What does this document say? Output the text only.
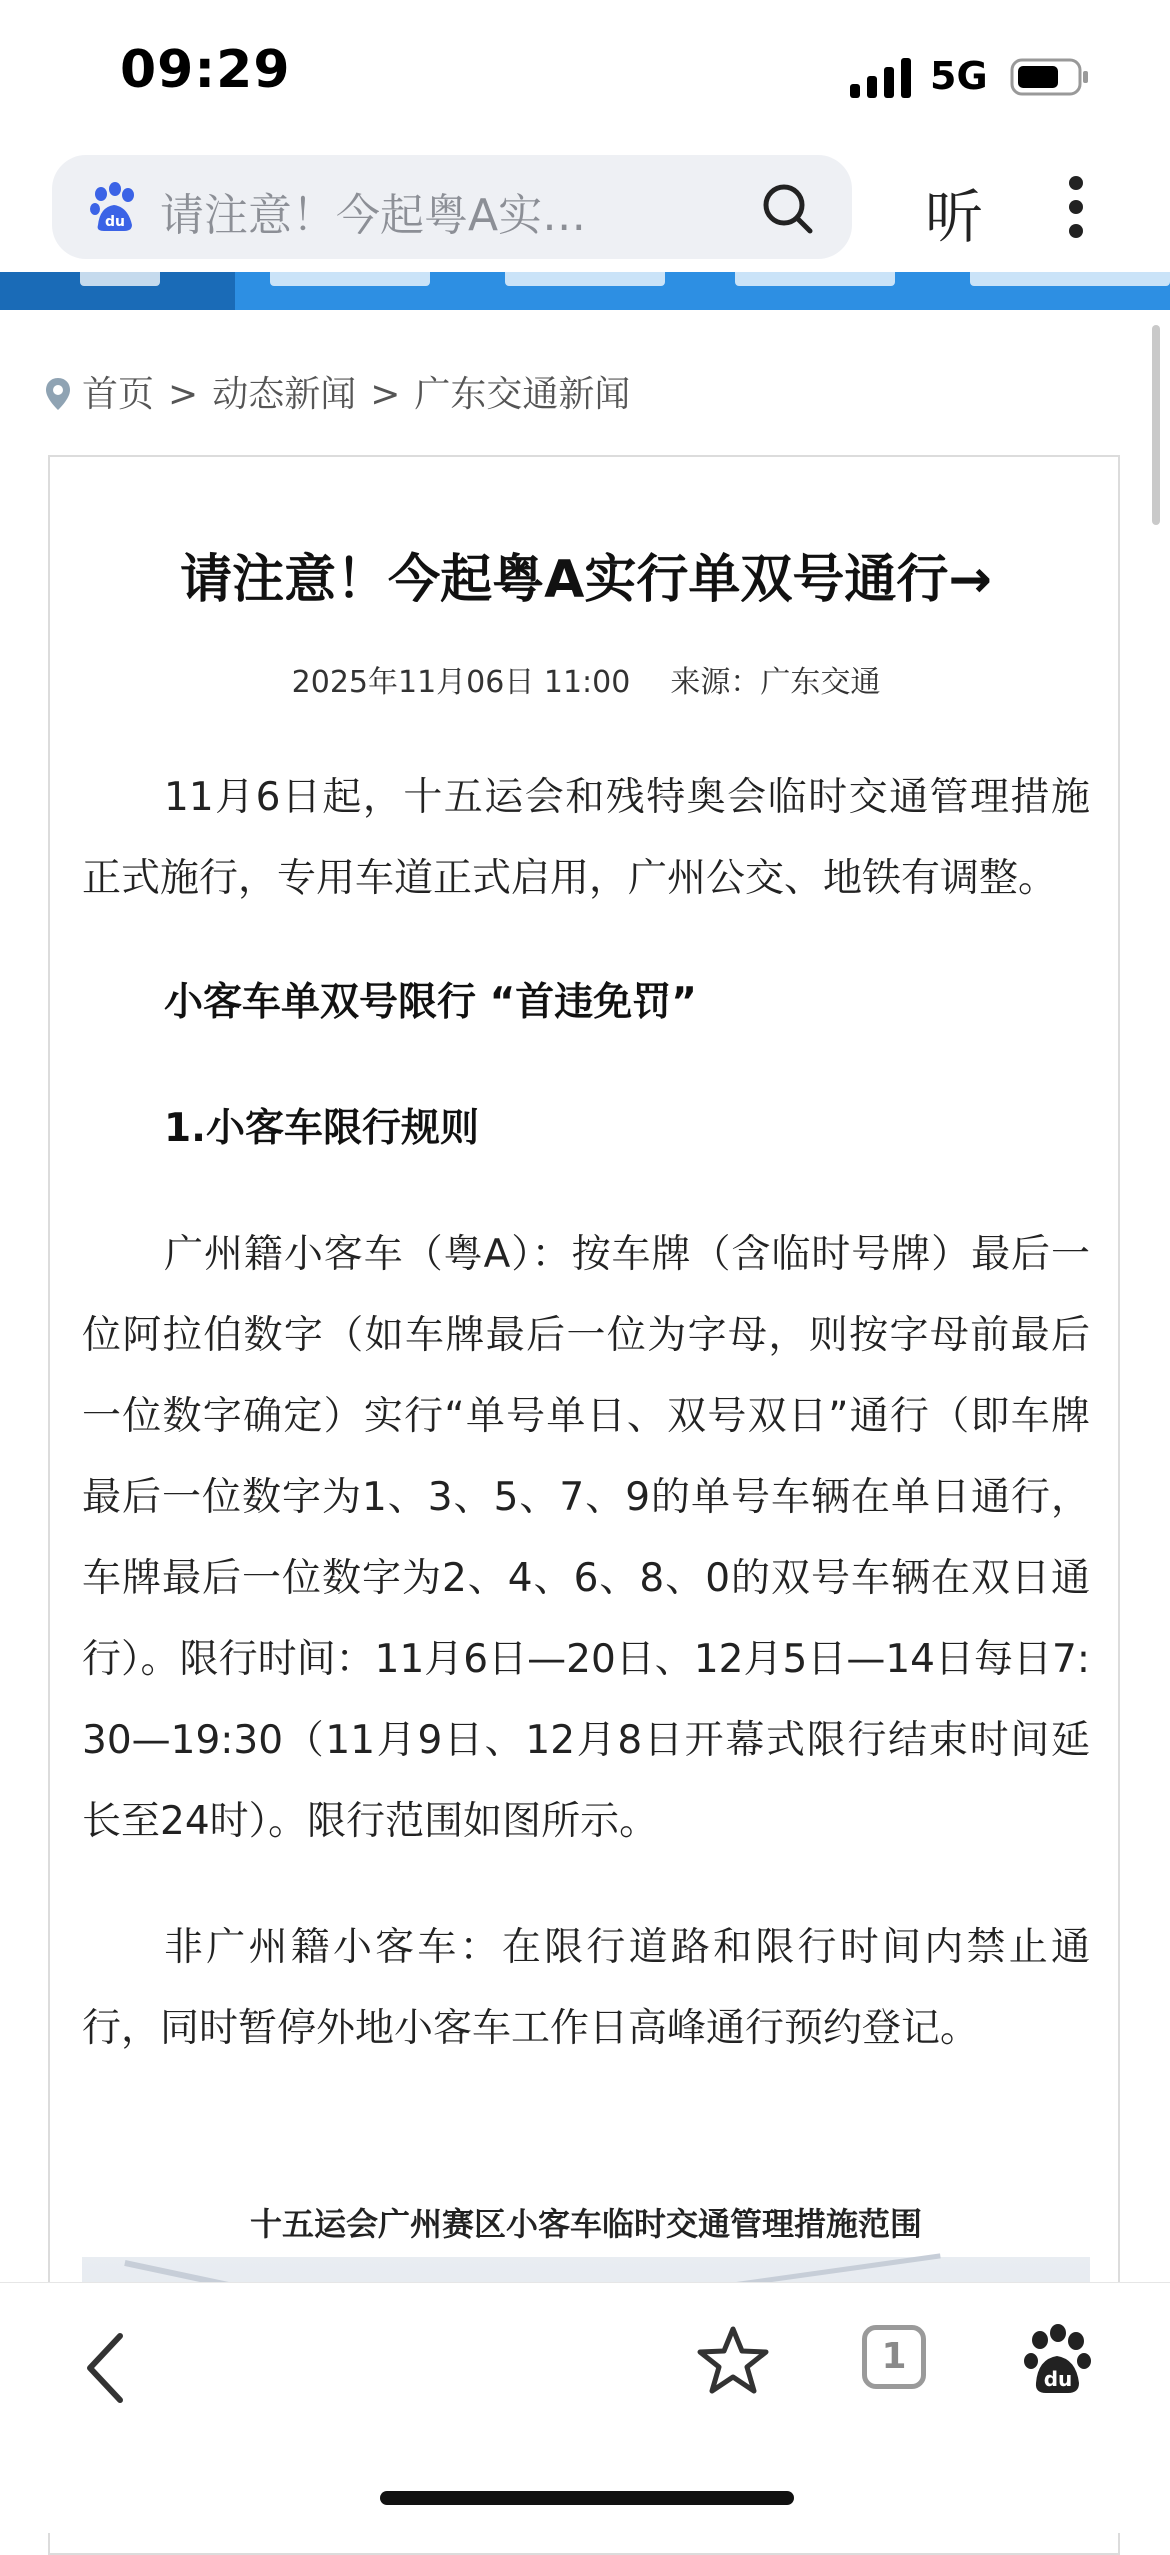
09:29	5G
du 请注意！今起粤A实…	听
首页 > 动态新闻 > 广东交通新闻
请注意！今起粤A实行单双号通行→
2025年11月06日 11:00 来源：广东交通

11月6日起，十五运会和残特奥会临时交通管理措施正式施行，专用车道正式启用，广州公交、地铁有调整。

小客车单双号限行 “首违免罚”

1.小客车限行规则

广州籍小客车（粤A）：按车牌（含临时号牌）最后一位阿拉伯数字（如车牌最后一位为字母，则按字母前最后一位数字确定）实行“单号单日、双号双日”通行（即车牌最后一位数字为1、3、5、7、9的单号车辆在单日通行，车牌最后一位数字为2、4、6、8、0的双号车辆在双日通行）。限行时间：11月6日—20日、12月5日—14日每日7:30—19:30（11月9日、12月8日开幕式限行结束时间延长至24时）。限行范围如图所示。

非广州籍小客车：在限行道路和限行时间内禁止通行，同时暂停外地小客车工作日高峰通行预约登记。

十五运会广州赛区小客车临时交通管理措施范围
1
du
